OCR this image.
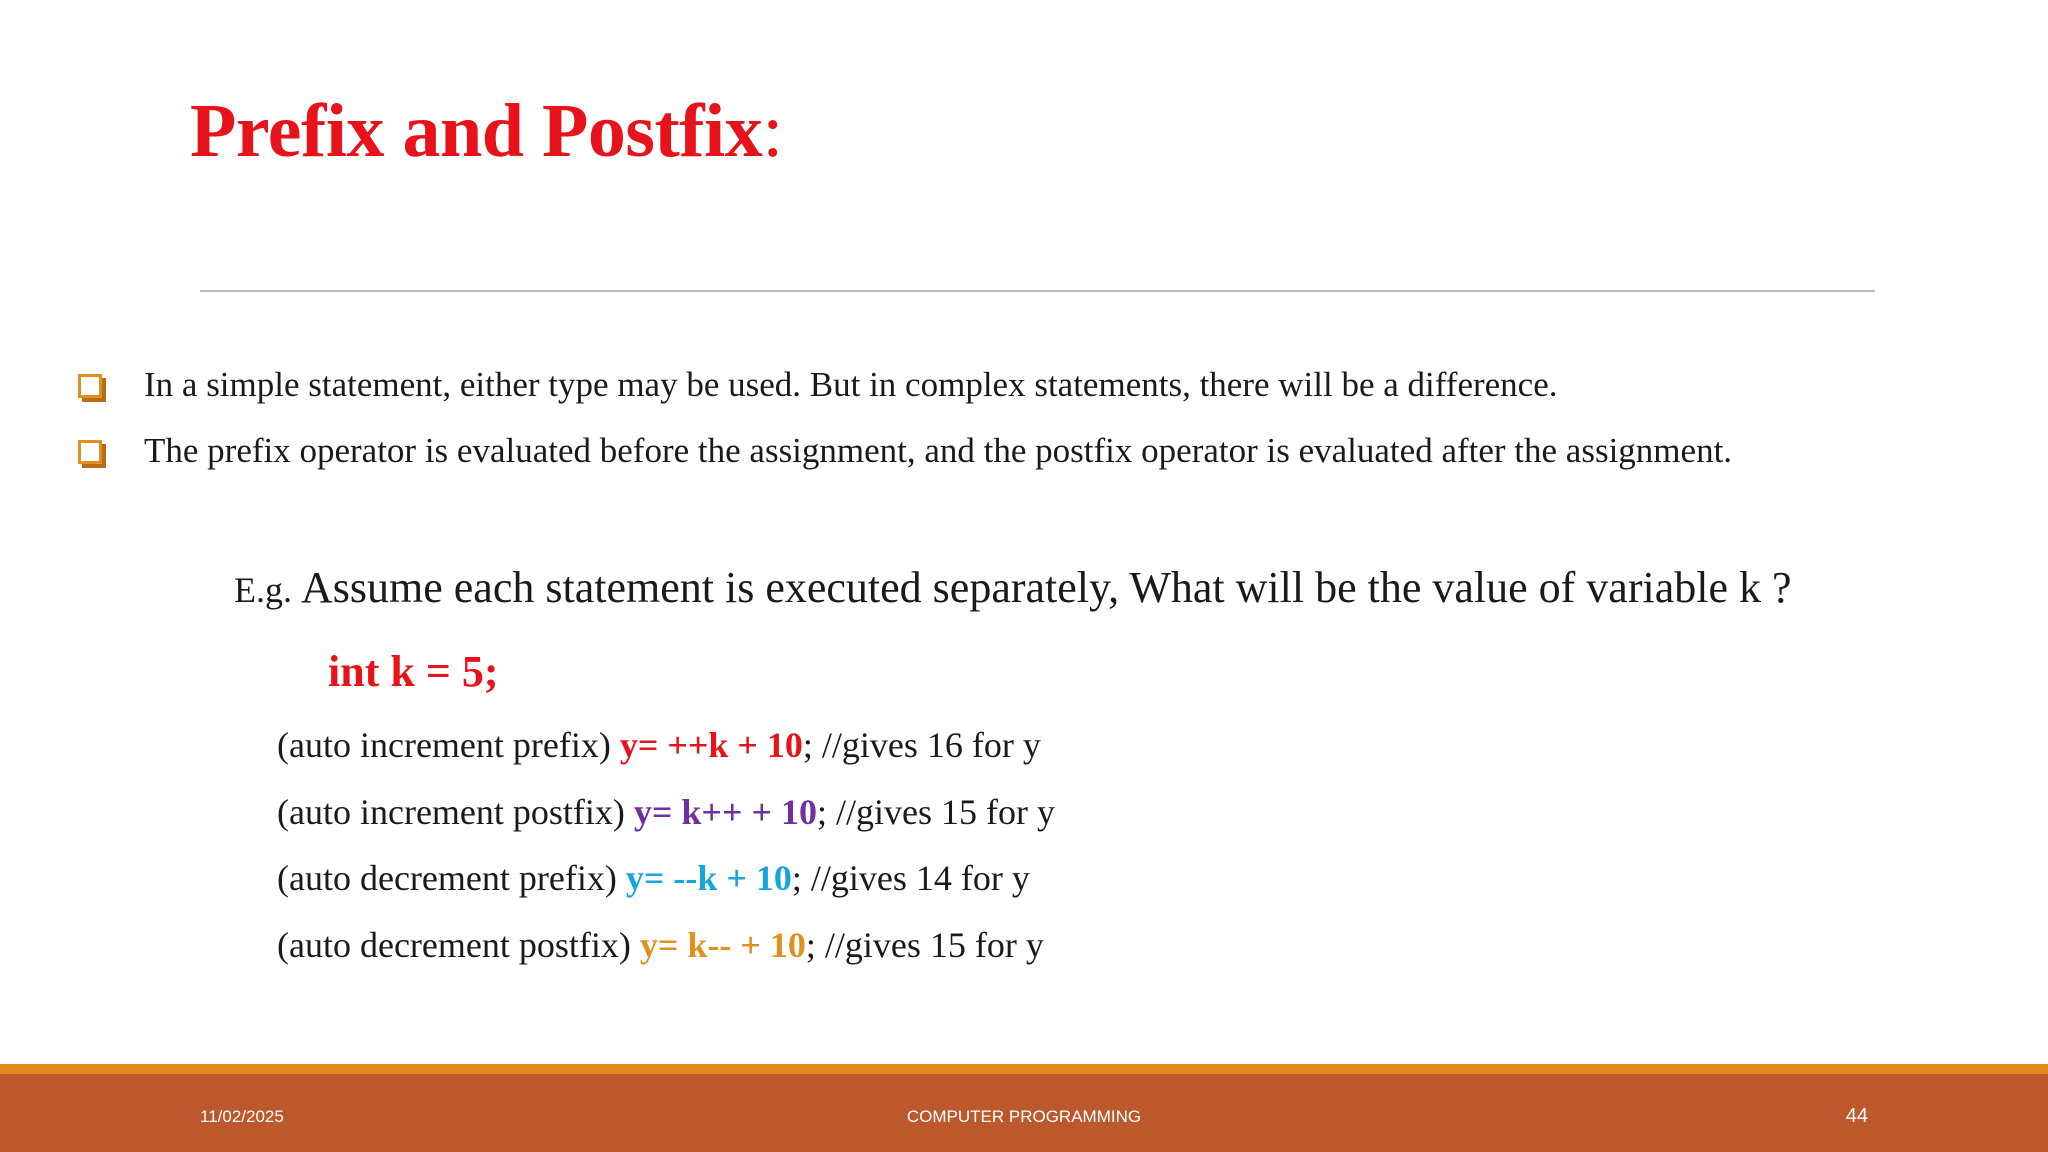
Prefix and Postfix:
In a simple statement, either type may be used. But in complex statements, there will be a difference.
The prefix operator is evaluated before the assignment, and the postfix operator is evaluated after the assignment.
E.g. Assume each statement is executed separately, What will be the value of variable k ?
int k = 5;
(auto increment prefix) y= ++k + 10; //gives 16 for y
(auto increment postfix) y= k++ + 10; //gives 15 for y
(auto decrement prefix) y= --k + 10; //gives 14 for y
(auto decrement postfix) y= k-- + 10; //gives 15 for y
11/02/2025	COMPUTER PROGRAMMING	44
